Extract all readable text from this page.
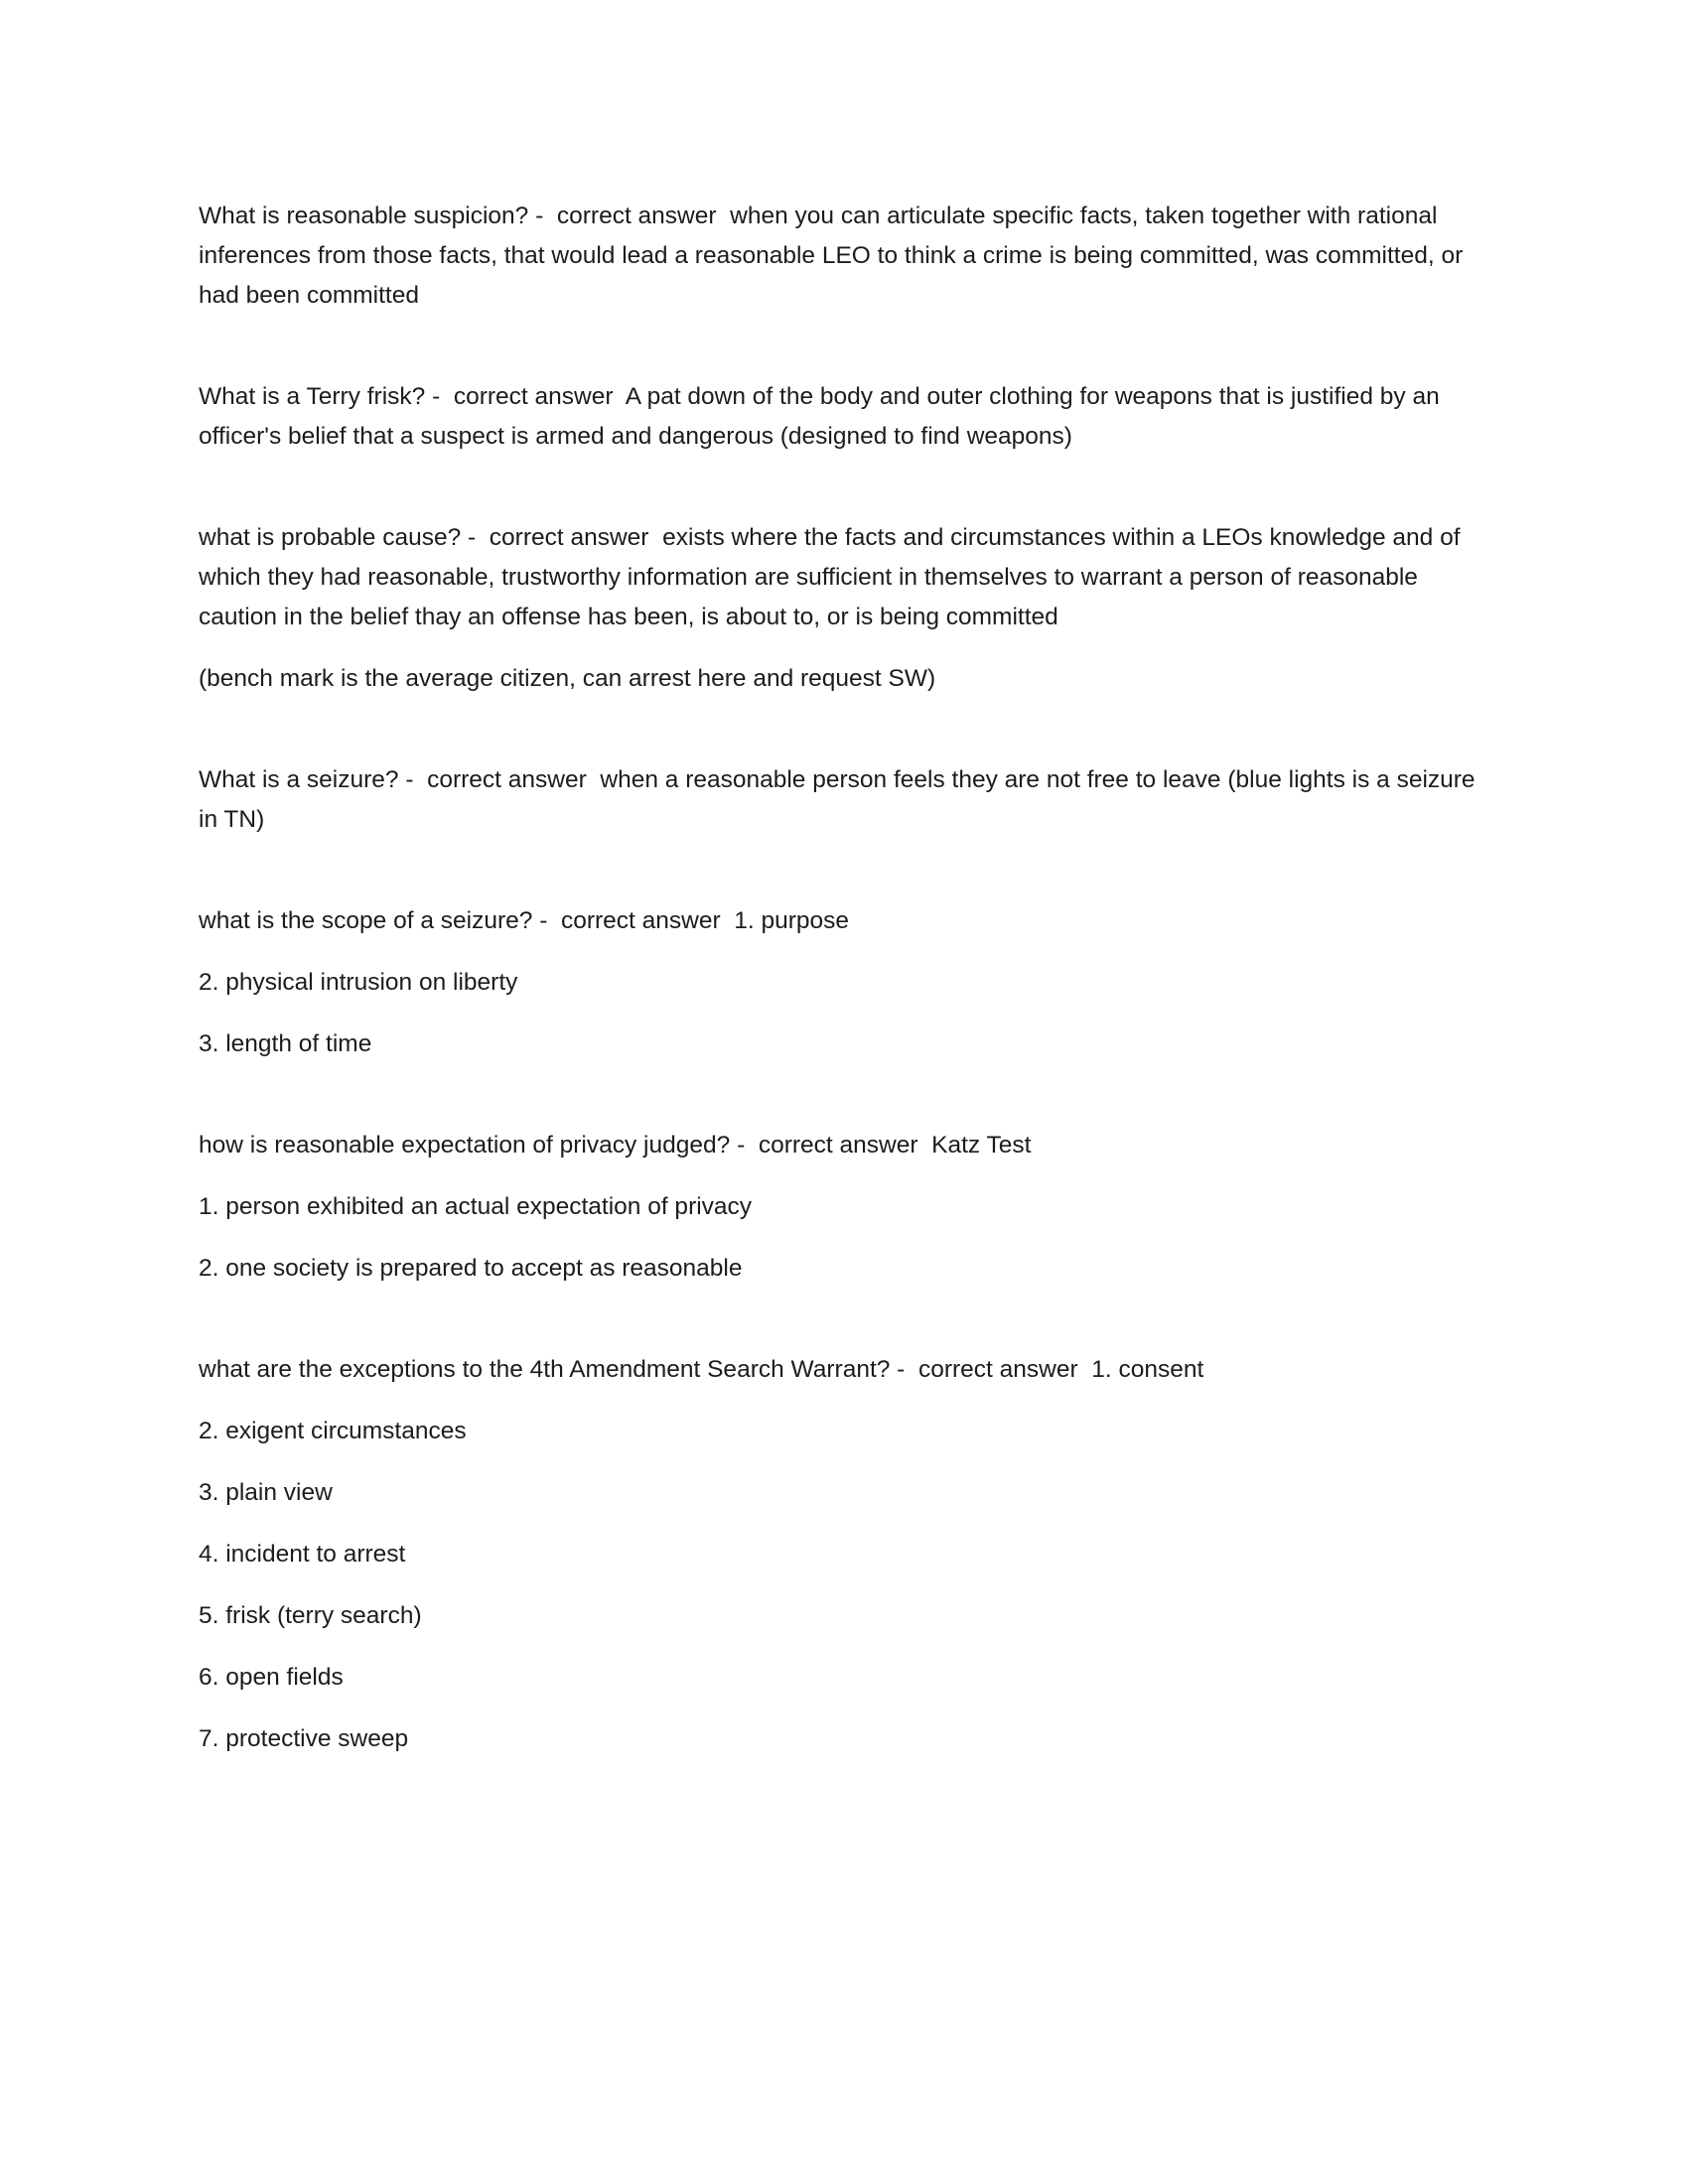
What is reasonable suspicion? -  correct answer  when you can articulate specific facts, taken together with rational inferences from those facts, that would lead a reasonable LEO to think a crime is being committed, was committed, or had been committed

What is a Terry frisk? -  correct answer  A pat down of the body and outer clothing for weapons that is justified by an officer's belief that a suspect is armed and dangerous (designed to find weapons)

what is probable cause? -  correct answer  exists where the facts and circumstances within a LEOs knowledge and of which they had reasonable, trustworthy information are sufficient in themselves to warrant a person of reasonable caution in the belief thay an offense has been, is about to, or is being committed

(bench mark is the average citizen, can arrest here and request SW)

What is a seizure? -  correct answer  when a reasonable person feels they are not free to leave (blue lights is a seizure in TN)

what is the scope of a seizure? -  correct answer  1. purpose

2. physical intrusion on liberty

3. length of time

how is reasonable expectation of privacy judged? -  correct answer  Katz Test

1. person exhibited an actual expectation of privacy

2. one society is prepared to accept as reasonable

what are the exceptions to the 4th Amendment Search Warrant? -  correct answer  1. consent

2. exigent circumstances

3. plain view

4. incident to arrest

5. frisk (terry search)

6. open fields

7. protective sweep
